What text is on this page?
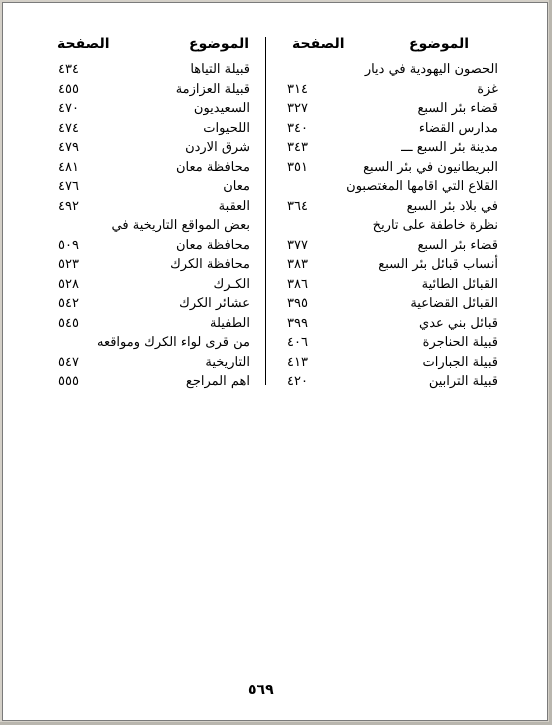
الموضوع
الصفحة
الموضوع
الصفحة
الحصون اليهودية في ديار
غزة
٣١٤
قضاء بئر السبع
٣٢٧
مدارس القضاء
٣٤٠
مدينة بئر السبع ـــ
٣٤٣
البريطانيون في بئر السبع
٣٥١
القلاع التي اقامها المغتصبون
في بلاد بئر السبع
٣٦٤
نظرة خاطفة على تاريخ
قضاء بئر السبع
٣٧٧
أنساب قبائل بئر السبع
٣٨٣
القبائل الطائية
٣٨٦
القبائل القضاعية
٣٩٥
قبائل بني عدي
٣٩٩
قبيلة الحناجرة
٤٠٦
قبيلة الجبارات
٤١٣
قبيلة الترابين
٤٢٠
قبيلة التياها
٤٣٤
قبيلة العزازمة
٤٥٥
السعيديون
٤٧٠
اللحيوات
٤٧٤
شرق الاردن
٤٧٩
محافظة معان
٤٨١
معان
٤٧٦
العقبة
٤٩٢
بعض المواقع التاريخية في
محافظة معان
٥٠٩
محافظة الكرك
٥٢٣
الكـرك
٥٢٨
عشائر الكرك
٥٤٢
الطفيلة
٥٤٥
من قرى لواء الكرك ومواقعه
التاريخية
٥٤٧
اهم المراجع
٥٥٥
٥٦٩
